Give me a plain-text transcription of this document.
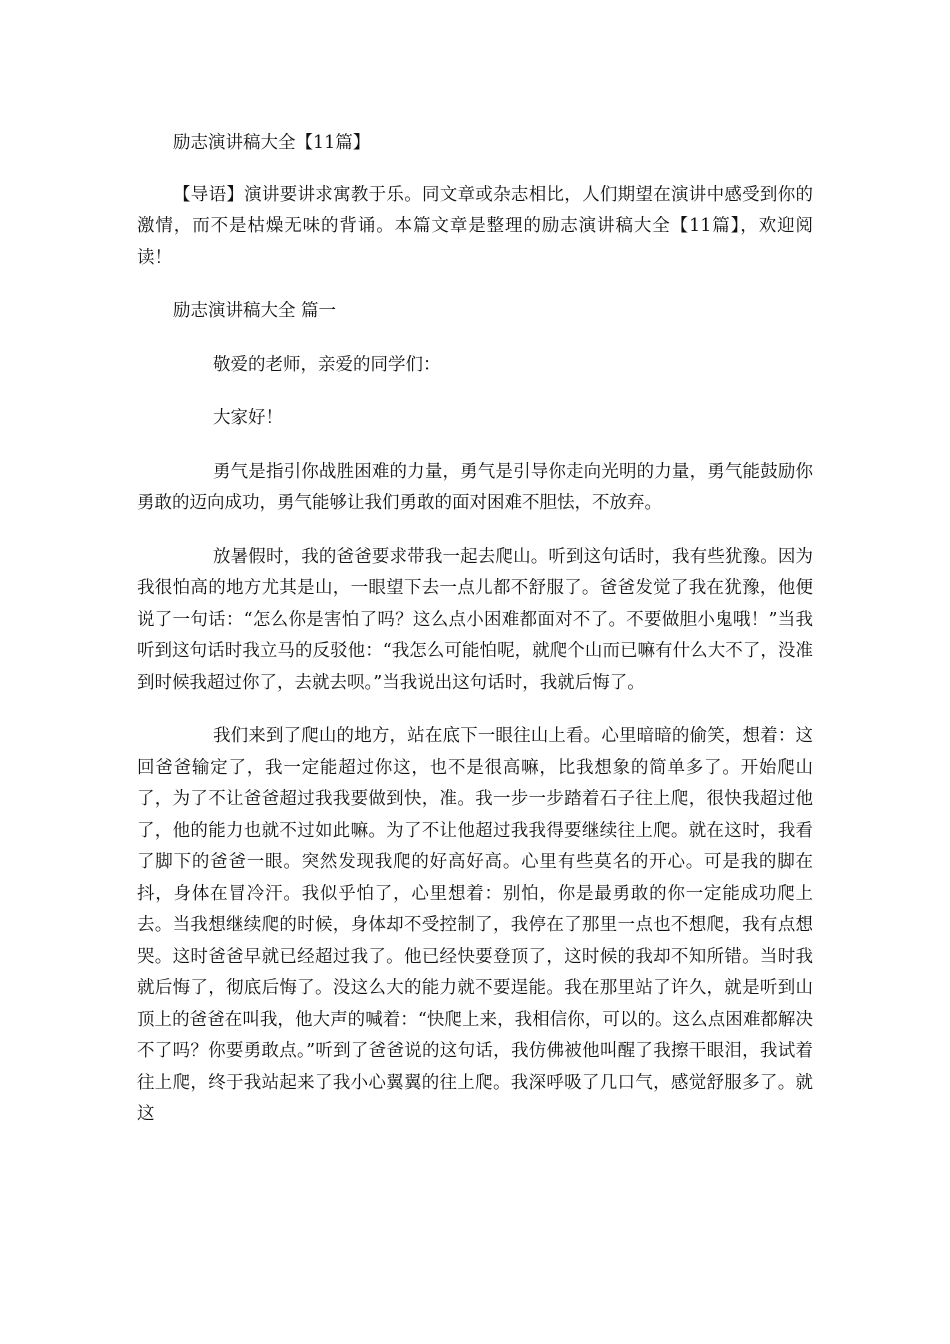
励志演讲稿大全【11篇】

【导语】演讲要讲求寓教于乐。同文章或杂志相比，人们期望在演讲中感受到你的激情，而不是枯燥无味的背诵。本篇文章是整理的励志演讲稿大全【11篇】，欢迎阅读！

励志演讲稿大全 篇一

敬爱的老师，亲爱的同学们：

大家好！

勇气是指引你战胜困难的力量，勇气是引导你走向光明的力量，勇气能鼓励你勇敢的迈向成功，勇气能够让我们勇敢的面对困难不胆怯，不放弃。

放暑假时，我的爸爸要求带我一起去爬山。听到这句话时，我有些犹豫。因为我很怕高的地方尤其是山，一眼望下去一点儿都不舒服了。爸爸发觉了我在犹豫，他便说了一句话：“怎么你是害怕了吗？这么点小困难都面对不了。不要做胆小鬼哦！”当我听到这句话时我立马的反驳他：“我怎么可能怕呢，就爬个山而已嘛有什么大不了，没准到时候我超过你了，去就去呗。”当我说出这句话时，我就后悔了。

我们来到了爬山的地方，站在底下一眼往山上看。心里暗暗的偷笑，想着：这回爸爸输定了，我一定能超过你这，也不是很高嘛，比我想象的简单多了。开始爬山了，为了不让爸爸超过我我要做到快，准。我一步一步踏着石子往上爬，很快我超过他了，他的能力也就不过如此嘛。为了不让他超过我我得要继续往上爬。就在这时，我看了脚下的爸爸一眼。突然发现我爬的好高好高。心里有些莫名的开心。可是我的脚在抖，身体在冒冷汗。我似乎怕了，心里想着：别怕，你是最勇敢的你一定能成功爬上去。当我想继续爬的时候，身体却不受控制了，我停在了那里一点也不想爬，我有点想哭。这时爸爸早就已经超过我了。他已经快要登顶了，这时候的我却不知所错。当时我就后悔了，彻底后悔了。没这么大的能力就不要逞能。我在那里站了许久，就是听到山顶上的爸爸在叫我，他大声的喊着：“快爬上来，我相信你，可以的。这么点困难都解决不了吗？你要勇敢点。”听到了爸爸说的这句话，我仿佛被他叫醒了我擦干眼泪，我试着往上爬，终于我站起来了我小心翼翼的往上爬。我深呼吸了几口气，感觉舒服多了。就这
